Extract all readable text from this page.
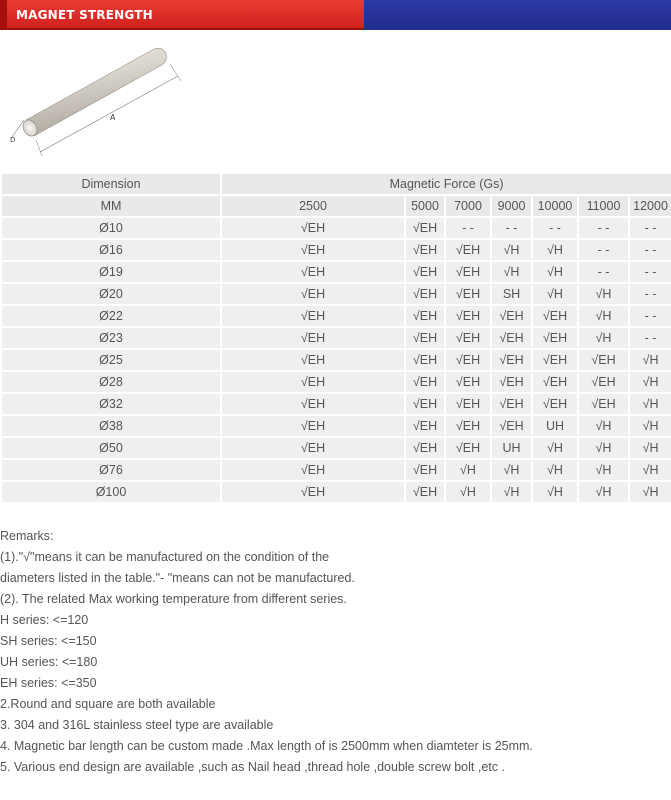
MAGNET STRENGTH
A
D
Dimension	Magnetic Force (Gs)						
MM	2500	5000	7000	9000	10000	11000	12000
Ø10	√EH	√EH	- -	- -	- -	- -	- -
Ø16	√EH	√EH	√EH	√H	√H	- -	- -
Ø19	√EH	√EH	√EH	√H	√H	- -	- -
Ø20	√EH	√EH	√EH	SH	√H	√H	- -
Ø22	√EH	√EH	√EH	√EH	√EH	√H	- -
Ø23	√EH	√EH	√EH	√EH	√EH	√H	- -
Ø25	√EH	√EH	√EH	√EH	√EH	√EH	√H
Ø28	√EH	√EH	√EH	√EH	√EH	√EH	√H
Ø32	√EH	√EH	√EH	√EH	√EH	√EH	√H
Ø38	√EH	√EH	√EH	√EH	UH	√H	√H
Ø50	√EH	√EH	√EH	UH	√H	√H	√H
Ø76	√EH	√EH	√H	√H	√H	√H	√H
Ø100	√EH	√EH	√H	√H	√H	√H	√H
Remarks:
(1)."√"means it can be manufactured on the condition of the
diameters listed in the table."- "means can not be manufactured.
(2). The related Max working temperature from different series.
H series: <=120
SH series: <=150
UH series: <=180
EH series: <=350
2.Round and square are both available
3. 304 and 316L stainless steel type are available
4. Magnetic bar length can be custom made .Max length of is 2500mm when diamteter is 25mm.
5. Various end design are available ,such as Nail head ,thread hole ,double screw bolt ,etc .
